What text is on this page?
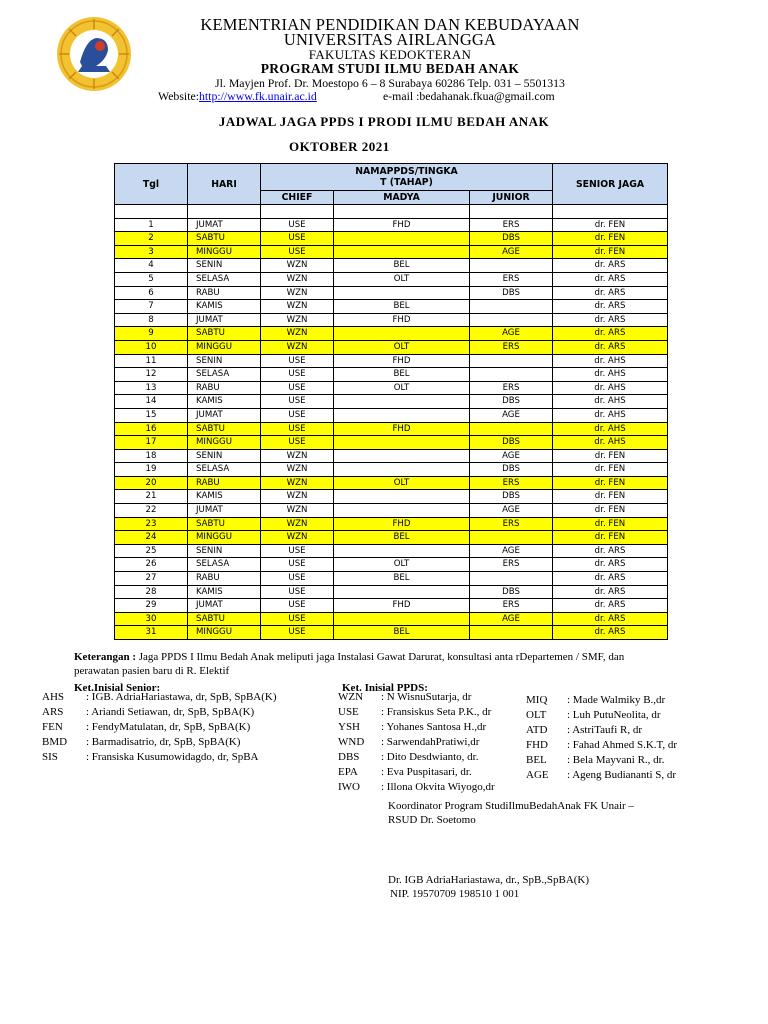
KEMENTRIAN PENDIDIKAN DAN KEBUDAYAAN
UNIVERSITAS AIRLANGGA
FAKULTAS KEDOKTERAN
PROGRAM STUDI ILMU BEDAH ANAK
Jl. Mayjen Prof. Dr. Moestopo 6 – 8 Surabaya 60286 Telp. 031 – 5501313
Website:http://www.fk.unair.ac.id	e-mail :bedahanak.fkua@gmail.com
JADWAL JAGA PPDS I PRODI ILMU BEDAH ANAK
OKTOBER 2021
Tgl	HARI	NAMAPPDS/TINGKA
T (TAHAP)			SENIOR JAGA
		CHIEF	MADYA	JUNIOR	

1	JUMAT	USE	FHD	ERS	dr. FEN
2	SABTU	USE		DBS	dr. FEN
3	MINGGU	USE		AGE	dr. FEN
4	SENIN	WZN	BEL		dr. ARS
5	SELASA	WZN	OLT	ERS	dr. ARS
6	RABU	WZN		DBS	dr. ARS
7	KAMIS	WZN	BEL		dr. ARS
8	JUMAT	WZN	FHD		dr. ARS
9	SABTU	WZN		AGE	dr. ARS
10	MINGGU	WZN	OLT	ERS	dr. ARS
11	SENIN	USE	FHD		dr. AHS
12	SELASA	USE	BEL		dr. AHS
13	RABU	USE	OLT	ERS	dr. AHS
14	KAMIS	USE		DBS	dr. AHS
15	JUMAT	USE		AGE	dr. AHS
16	SABTU	USE	FHD		dr. AHS
17	MINGGU	USE		DBS	dr. AHS
18	SENIN	WZN		AGE	dr. FEN
19	SELASA	WZN		DBS	dr. FEN
20	RABU	WZN	OLT	ERS	dr. FEN
21	KAMIS	WZN		DBS	dr. FEN
22	JUMAT	WZN		AGE	dr. FEN
23	SABTU	WZN	FHD	ERS	dr. FEN
24	MINGGU	WZN	BEL		dr. FEN
25	SENIN	USE		AGE	dr. ARS
26	SELASA	USE	OLT	ERS	dr. ARS
27	RABU	USE	BEL		dr. ARS
28	KAMIS	USE		DBS	dr. ARS
29	JUMAT	USE	FHD	ERS	dr. ARS
30	SABTU	USE		AGE	dr. ARS
31	MINGGU	USE	BEL		dr. ARS
Keterangan : Jaga PPDS I Ilmu Bedah Anak meliputi jaga Instalasi Gawat Darurat, konsultasi anta rDepartemen / SMF, dan
perawatan pasien baru di R. Elektif
Ket.Inisial Senior:	Ket. Inisial PPDS:
AHS : IGB. AdriaHariastawa, dr, SpB, SpBA(K)
ARS : Ariandi Setiawan, dr, SpB, SpBA(K)
FEN : FendyMatulatan, dr, SpB, SpBA(K)
BMD : Barmadisatrio, dr, SpB, SpBA(K)
SIS	: Fransiska Kusumowidagdo, dr, SpBA
WZN : N WisnuSutarja, dr
USE : Fransiskus Seta P.K., dr
YSH : Yohanes Santosa H.,dr
WND : SarwendahPratiwi,dr
DBS : Dito Desdwianto, dr.
EPA : Eva Puspitasari, dr.
IWO : Illona Okvita Wiyogo,dr
MIQ : Made Walmiky B.,dr
OLT : Luh PutuNeolita, dr
ATD : AstriTaufi R, dr
FHD : Fahad Ahmed S.K.T, dr
BEL : Bela Mayvani R., dr.
AGE : Ageng Budiananti S, dr
Koordinator Program StudiIlmuBedahAnak FK Unair –
RSUD Dr. Soetomo
Dr. IGB AdriaHariastawa, dr., SpB.,SpBA(K)
NIP. 19570709 198510 1 001
